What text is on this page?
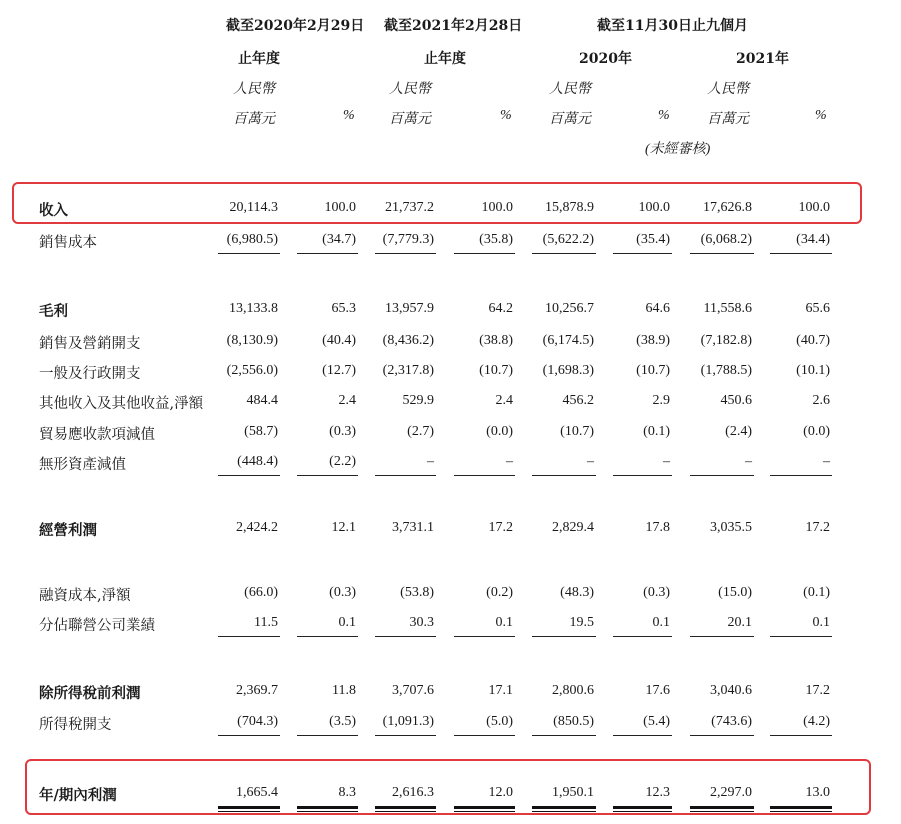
截至2020年2月29日
止年度
截至2021年2月28日
止年度
截至11月30日止九個月
2020年	2021年
人民幣	人民幣	人民幣	人民幣
百萬元	百萬元	百萬元	百萬元
%	%	%	%
(未經審核)
收入	20,114.3	100.0	21,737.2	100.0	15,878.9	100.0	17,626.8	100.0
銷售成本	(6,980.5)	(34.7)	(7,779.3)	(35.8)	(5,622.2)	(35.4)	(6,068.2)	(34.4)
毛利	13,133.8	65.3	13,957.9	64.2	10,256.7	64.6	11,558.6	65.6
銷售及營銷開支	(8,130.9)	(40.4)	(8,436.2)	(38.8)	(6,174.5)	(38.9)	(7,182.8)	(40.7)
一般及行政開支	(2,556.0)	(12.7)	(2,317.8)	(10.7)	(1,698.3)	(10.7)	(1,788.5)	(10.1)
其他收入及其他收益,淨額	484.4	2.4	529.9	2.4	456.2	2.9	450.6	2.6
貿易應收款項減值	(58.7)	(0.3)	(2.7)	(0.0)	(10.7)	(0.1)	(2.4)	(0.0)
無形資產減值	(448.4)	(2.2)	–	–	–	–	–	–
經營利潤	2,424.2	12.1	3,731.1	17.2	2,829.4	17.8	3,035.5	17.2
融資成本,淨額	(66.0)	(0.3)	(53.8)	(0.2)	(48.3)	(0.3)	(15.0)	(0.1)
分佔聯營公司業績	11.5	0.1	30.3	0.1	19.5	0.1	20.1	0.1
除所得稅前利潤	2,369.7	11.8	3,707.6	17.1	2,800.6	17.6	3,040.6	17.2
所得稅開支	(704.3)	(3.5)	(1,091.3)	(5.0)	(850.5)	(5.4)	(743.6)	(4.2)
年/期內利潤	1,665.4	8.3	2,616.3	12.0	1,950.1	12.3	2,297.0	13.0
